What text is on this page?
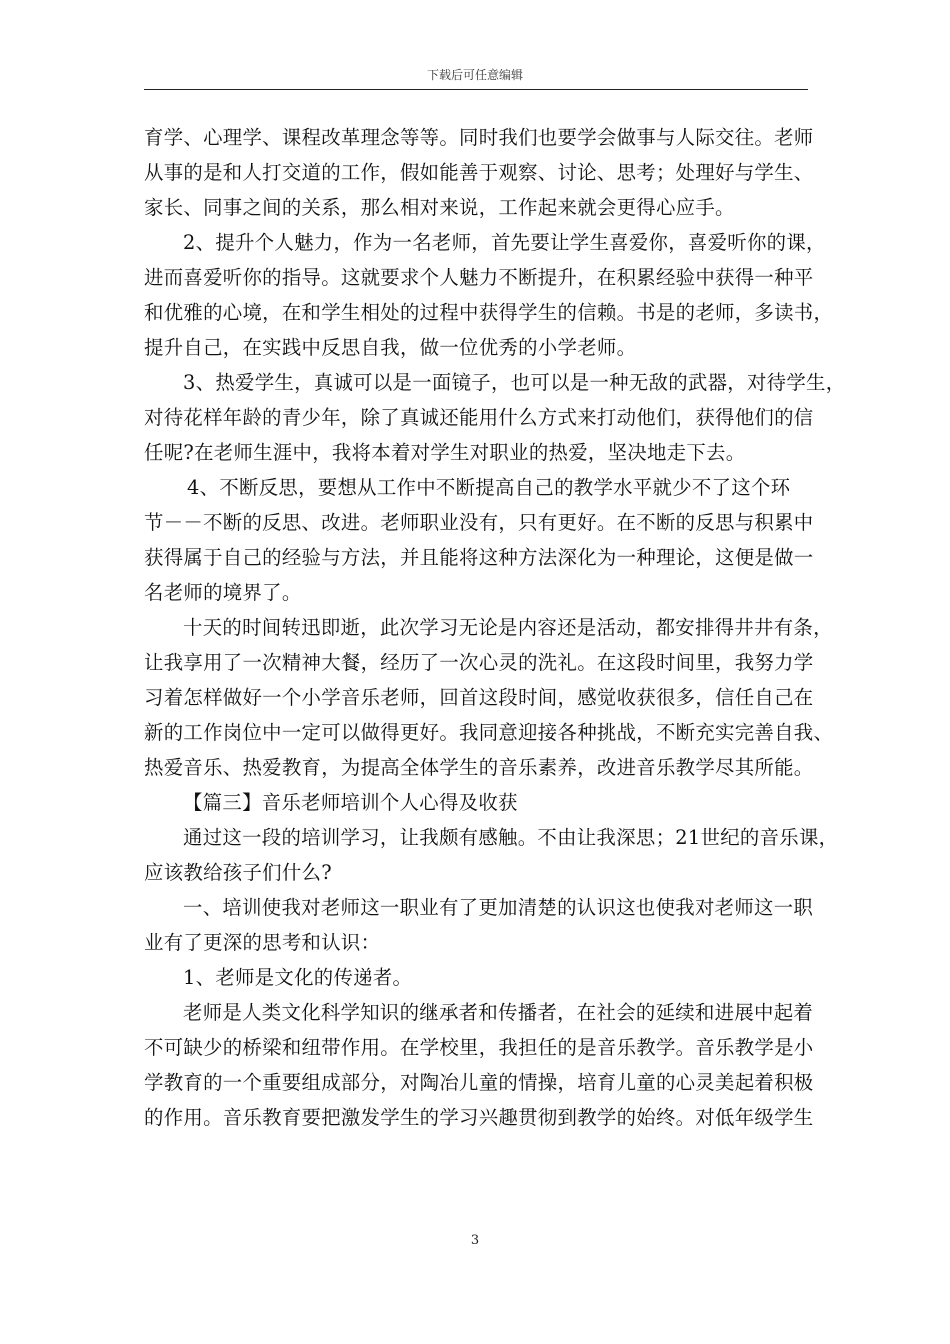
下载后可任意编辑

育学、心理学、课程改革理念等等。同时我们也要学会做事与人际交往。老师
从事的是和人打交道的工作，假如能善于观察、讨论、思考；处理好与学生、
家长、同事之间的关系，那么相对来说，工作起来就会更得心应手。

2、提升个人魅力，作为一名老师，首先要让学生喜爱你，喜爱听你的课，
进而喜爱听你的指导。这就要求个人魅力不断提升，在积累经验中获得一种平
和优雅的心境，在和学生相处的过程中获得学生的信赖。书是的老师，多读书，
提升自己，在实践中反思自我，做一位优秀的小学老师。

3、热爱学生，真诚可以是一面镜子，也可以是一种无敌的武器，对待学生，
对待花样年龄的青少年，除了真诚还能用什么方式来打动他们，获得他们的信
任呢?在老师生涯中，我将本着对学生对职业的热爱，坚决地走下去。

4、不断反思，要想从工作中不断提高自己的教学水平就少不了这个环
节－－不断的反思、改进。老师职业没有，只有更好。在不断的反思与积累中
获得属于自己的经验与方法，并且能将这种方法深化为一种理论，这便是做一
名老师的境界了。

十天的时间转迅即逝，此次学习无论是内容还是活动，都安排得井井有条，
让我享用了一次精神大餐，经历了一次心灵的洗礼。在这段时间里，我努力学
习着怎样做好一个小学音乐老师，回首这段时间，感觉收获很多，信任自己在
新的工作岗位中一定可以做得更好。我同意迎接各种挑战，不断充实完善自我、
热爱音乐、热爱教育，为提高全体学生的音乐素养，改进音乐教学尽其所能。

【篇三】音乐老师培训个人心得及收获

通过这一段的培训学习，让我颇有感触。不由让我深思；21世纪的音乐课，
应该教给孩子们什么?

一、培训使我对老师这一职业有了更加清楚的认识这也使我对老师这一职
业有了更深的思考和认识：

1、老师是文化的传递者。

老师是人类文化科学知识的继承者和传播者，在社会的延续和进展中起着
不可缺少的桥梁和纽带作用。在学校里，我担任的是音乐教学。音乐教学是小
学教育的一个重要组成部分，对陶冶儿童的情操，培育儿童的心灵美起着积极
的作用。音乐教育要把激发学生的学习兴趣贯彻到教学的始终。对低年级学生

3
